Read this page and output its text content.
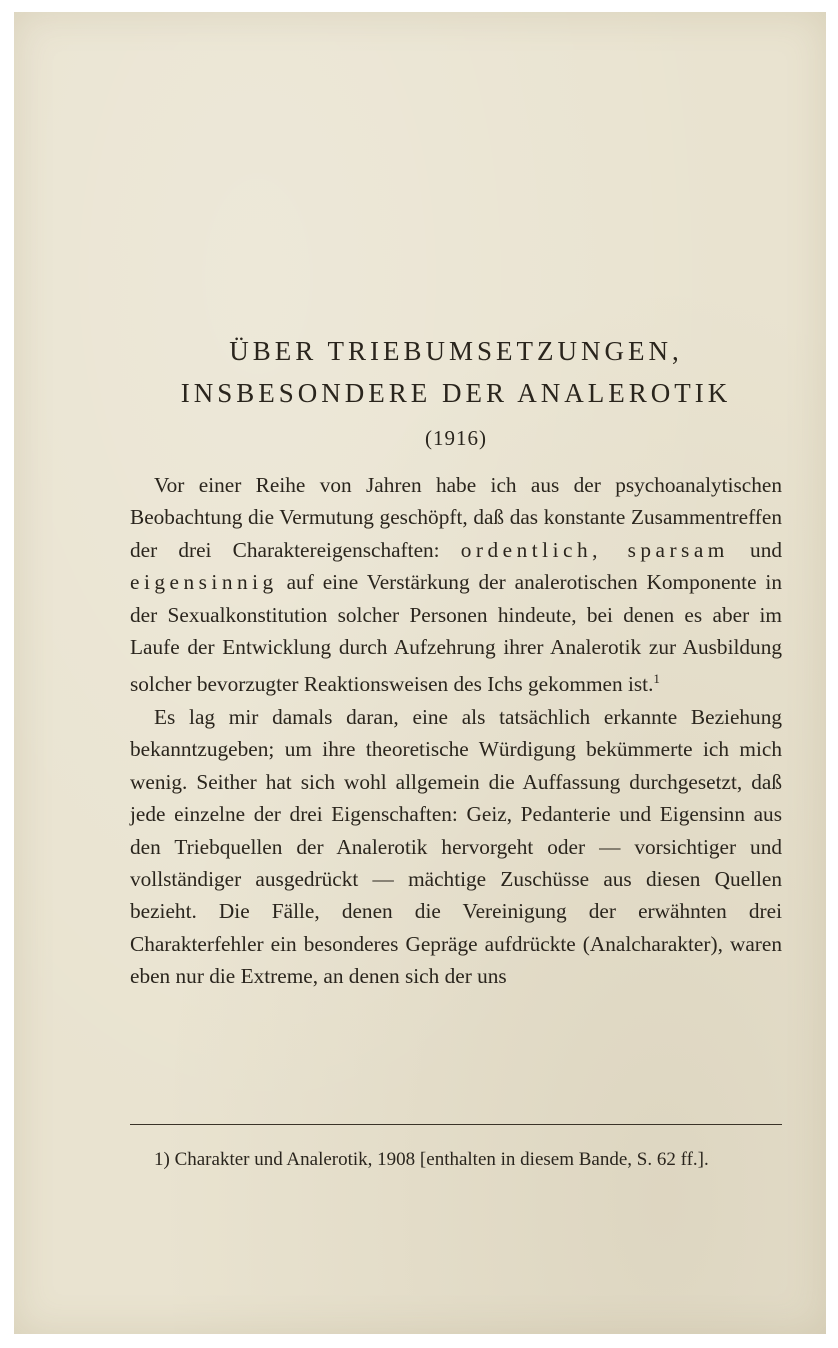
ÜBER TRIEBUMSETZUNGEN,
INSBESONDERE DER ANALEROTIK
(1916)

Vor einer Reihe von Jahren habe ich aus der psychoanalytischen Beobachtung die Vermutung geschöpft, daß das konstante Zusammentreffen der drei Charaktereigenschaften: ordentlich, sparsam und eigensinnig auf eine Verstärkung der analerotischen Komponente in der Sexualkonstitution solcher Personen hindeute, bei denen es aber im Laufe der Entwicklung durch Aufzehrung ihrer Analerotik zur Ausbildung solcher bevorzugter Reaktionsweisen des Ichs gekommen ist.$^1$

Es lag mir damals daran, eine als tatsächlich erkannte Beziehung bekanntzugeben; um ihre theoretische Würdigung bekümmerte ich mich wenig. Seither hat sich wohl allgemein die Auffassung durchgesetzt, daß jede einzelne der drei Eigenschaften: Geiz, Pedanterie und Eigensinn aus den Triebquellen der Analerotik hervorgeht oder — vorsichtiger und vollständiger ausgedrückt — mächtige Zuschüsse aus diesen Quellen bezieht. Die Fälle, denen die Vereinigung der erwähnten drei Charakterfehler ein besonderes Gepräge aufdrückte (Analcharakter), waren eben nur die Extreme, an denen sich der uns

1) Charakter und Analerotik, 1908 [enthalten in diesem Bande, S. 62 ff.].
